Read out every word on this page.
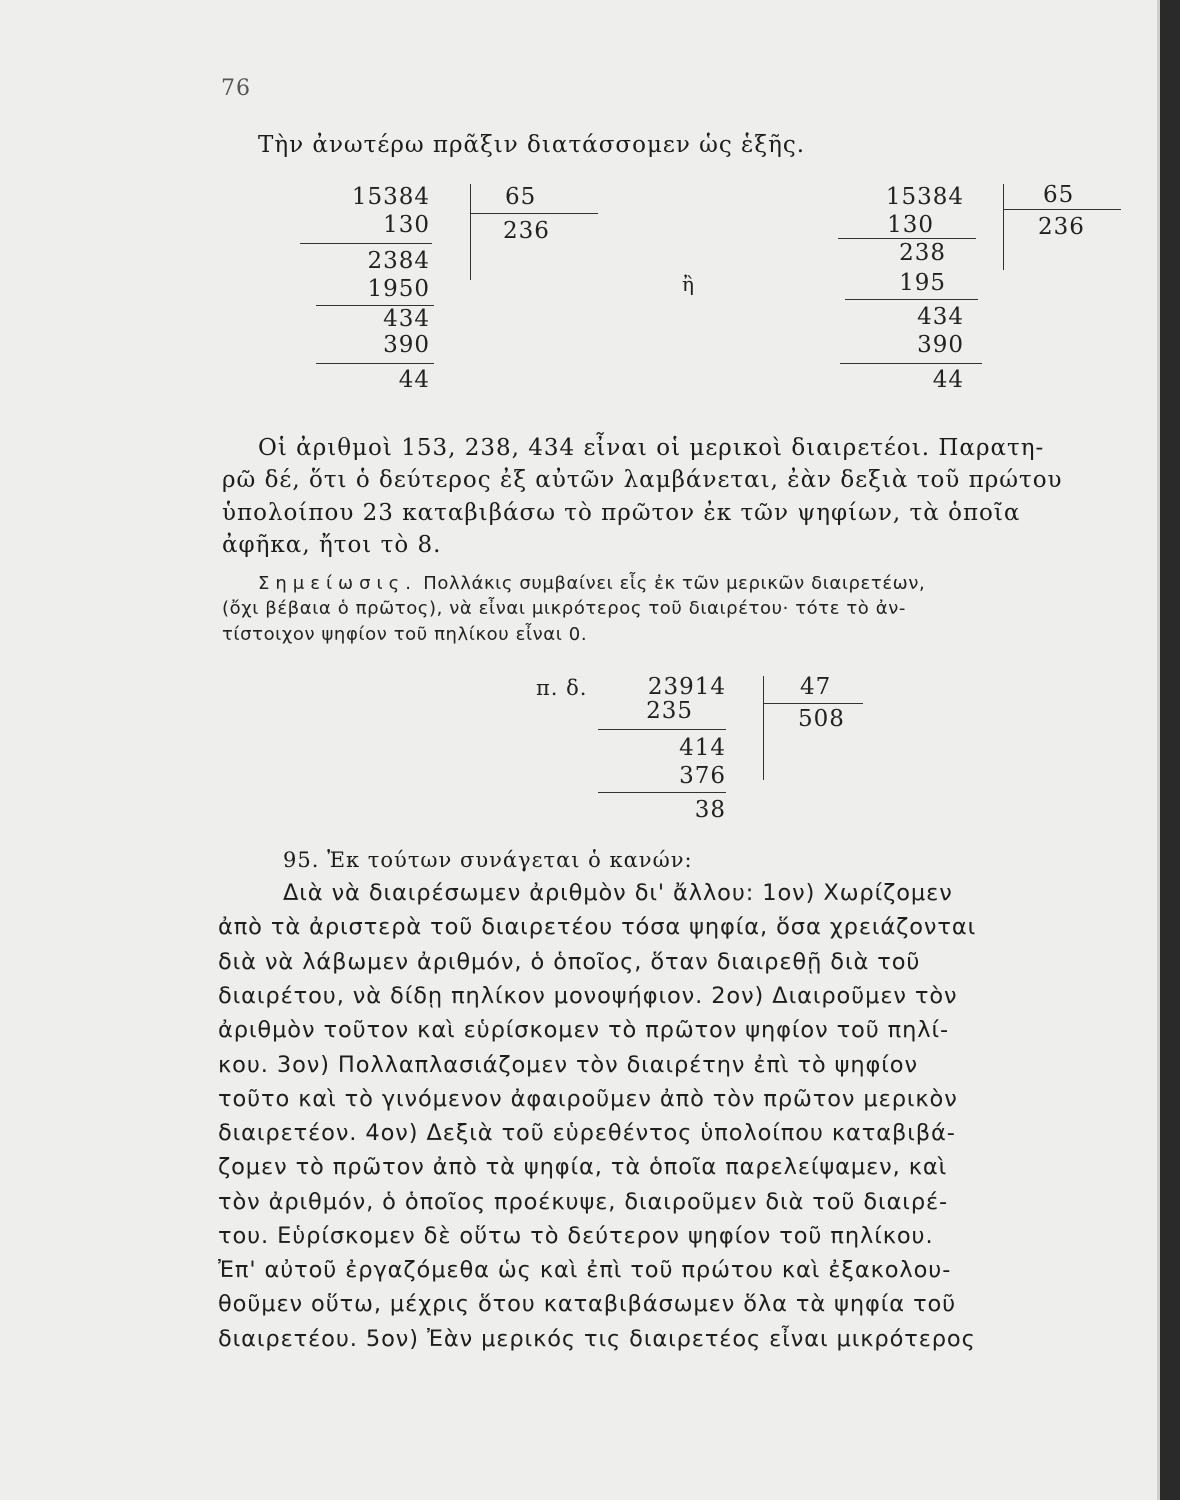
76
Τὴν ἀνωτέρω πρᾶξιν διατάσσομεν ὡς ἑξῆς.
15384
130
2384
1950
434
390
44
65
236
ἢ
15384
130
238
195
434
390
44
65
236
Οἱ ἀριθμοὶ 153, 238, 434 εἶναι οἱ μερικοὶ διαιρετέοι. Παρατη-
ρῶ δέ, ὅτι ὁ δεύτερος ἐξ αὐτῶν λαμβάνεται, ἐὰν δεξιὰ τοῦ πρώτου
ὑπολοίπου 23 καταβιβάσω τὸ πρῶτον ἐκ τῶν ψηφίων, τὰ ὁποῖα
ἀφῆκα, ἤτοι τὸ 8.
Σημείωσις. Πολλάκις συμβαίνει εἷς ἐκ τῶν μερικῶν διαιρετέων,
(ὄχι βέβαια ὁ πρῶτος), νὰ εἶναι μικρότερος τοῦ διαιρέτου· τότε τὸ ἀν-
τίστοιχον ψηφίον τοῦ πηλίκου εἶναι 0.
π. δ.	23914
235
414
376
38
47
508
95. Ἐκ τούτων συνάγεται ὁ κανών:
Διὰ νὰ διαιρέσωμεν ἀριθμὸν δι' ἄλλου: 1ον) Χωρίζομεν
ἀπὸ τὰ ἀριστερὰ τοῦ διαιρετέου τόσα ψηφία, ὅσα χρειάζονται
διὰ νὰ λάβωμεν ἀριθμόν, ὁ ὁποῖος, ὅταν διαιρεθῇ διὰ τοῦ
διαιρέτου, νὰ δίδῃ πηλίκον μονοψήφιον. 2ον) Διαιροῦμεν τὸν
ἀριθμὸν τοῦτον καὶ εὑρίσκομεν τὸ πρῶτον ψηφίον τοῦ πηλί-
κου. 3ον) Πολλαπλασιάζομεν τὸν διαιρέτην ἐπὶ τὸ ψηφίον
τοῦτο καὶ τὸ γινόμενον ἀφαιροῦμεν ἀπὸ τὸν πρῶτον μερικὸν
διαιρετέον. 4ον) Δεξιὰ τοῦ εὑρεθέντος ὑπολοίπου καταβιβά-
ζομεν τὸ πρῶτον ἀπὸ τὰ ψηφία, τὰ ὁποῖα παρελείψαμεν, καὶ
τὸν ἀριθμόν, ὁ ὁποῖος προέκυψε, διαιροῦμεν διὰ τοῦ διαιρέ-
του. Εὑρίσκομεν δὲ οὕτω τὸ δεύτερον ψηφίον τοῦ πηλίκου.
Ἐπ' αὐτοῦ ἐργαζόμεθα ὡς καὶ ἐπὶ τοῦ πρώτου καὶ ἐξακολου-
θοῦμεν οὕτω, μέχρις ὅτου καταβιβάσωμεν ὅλα τὰ ψηφία τοῦ
διαιρετέου. 5ον) Ἐὰν μερικός τις διαιρετέος εἶναι μικρότερος
